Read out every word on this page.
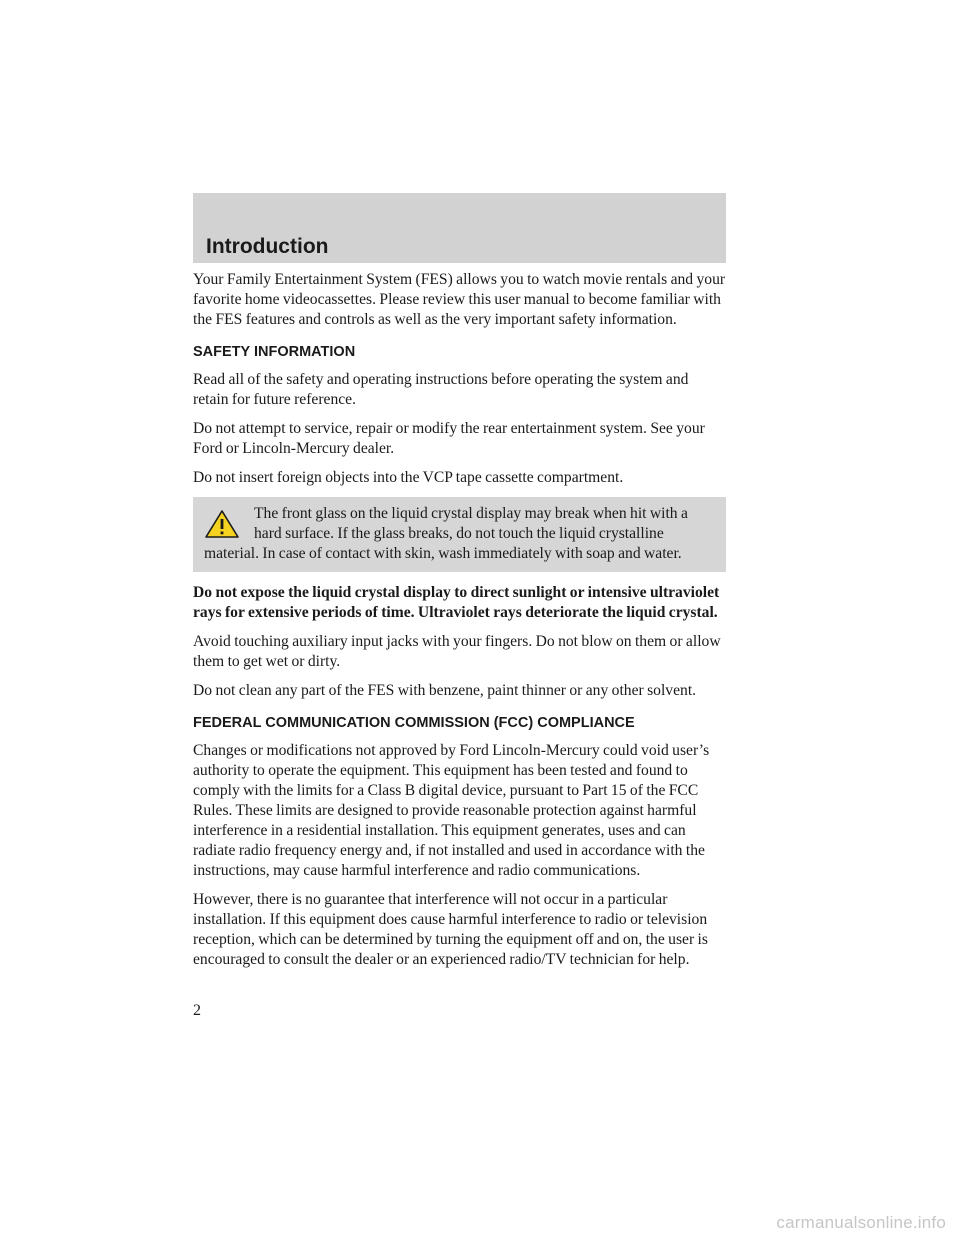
Introduction

Your Family Entertainment System (FES) allows you to watch movie rentals and your favorite home videocassettes. Please review this user manual to become familiar with the FES features and controls as well as the very important safety information.

SAFETY INFORMATION

Read all of the safety and operating instructions before operating the system and retain for future reference.

Do not attempt to service, repair or modify the rear entertainment system. See your Ford or Lincoln-Mercury dealer.

Do not insert foreign objects into the VCP tape cassette compartment.

The front glass on the liquid crystal display may break when hit with a hard surface. If the glass breaks, do not touch the liquid crystalline material. In case of contact with skin, wash immediately with soap and water.

Do not expose the liquid crystal display to direct sunlight or intensive ultraviolet rays for extensive periods of time. Ultraviolet rays deteriorate the liquid crystal.

Avoid touching auxiliary input jacks with your fingers. Do not blow on them or allow them to get wet or dirty.

Do not clean any part of the FES with benzene, paint thinner or any other solvent.

FEDERAL COMMUNICATION COMMISSION (FCC) COMPLIANCE

Changes or modifications not approved by Ford Lincoln-Mercury could void user’s authority to operate the equipment. This equipment has been tested and found to comply with the limits for a Class B digital device, pursuant to Part 15 of the FCC Rules. These limits are designed to provide reasonable protection against harmful interference in a residential installation. This equipment generates, uses and can radiate radio frequency energy and, if not installed and used in accordance with the instructions, may cause harmful interference and radio communications.

However, there is no guarantee that interference will not occur in a particular installation. If this equipment does cause harmful interference to radio or television reception, which can be determined by turning the equipment off and on, the user is encouraged to consult the dealer or an experienced radio/TV technician for help.

2

carmanualsonline.info
